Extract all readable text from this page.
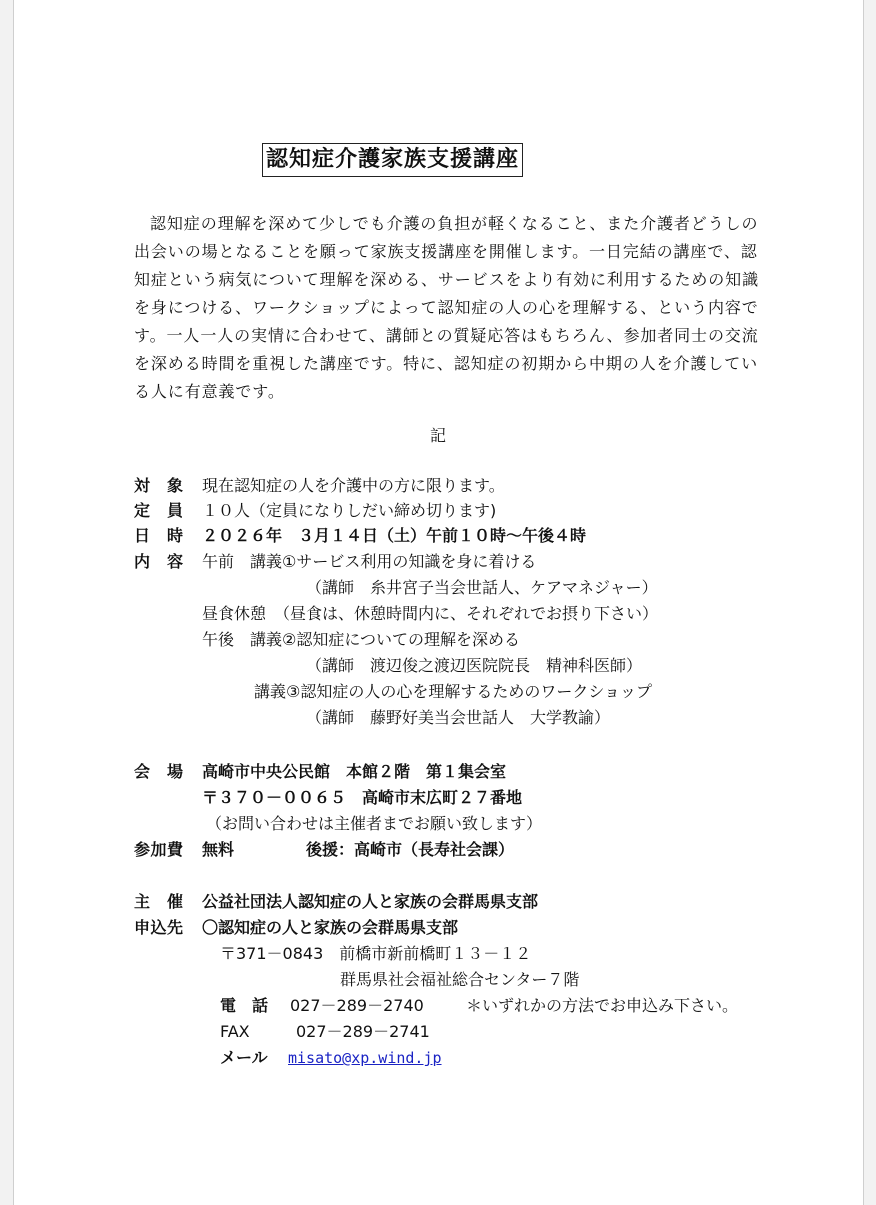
認知症介護家族支援講座

認知症の理解を深めて少しでも介護の負担が軽くなること、また介護者どうしの出会いの場となることを願って家族支援講座を開催します。一日完結の講座で、認知症という病気について理解を深める、サービスをより有効に利用するための知識を身につける、ワークショップによって認知症の人の心を理解する、という内容です。一人一人の実情に合わせて、講師との質疑応答はもちろん、参加者同士の交流を深める時間を重視した講座です。特に、認知症の初期から中期の人を介護している人に有意義です。

記
対　象 現在認知症の人を介護中の方に限ります。
定　員 １０人（定員になりしだい締め切ります)
日　時 ２０２６年　３月１４日（土）午前１０時～午後４時
内　容 午前　講義①サービス利用の知識を身に着ける
（講師　糸井宮子当会世話人、ケアマネジャー）
昼食休憩　（昼食は、休憩時間内に、それぞれでお摂り下さい）
午後　講義②認知症についての理解を深める
（講師　渡辺俊之渡辺医院院長　精神科医師）
講義③認知症の人の心を理解するためのワークショップ
（講師　藤野好美当会世話人　大学教諭）
会　場 高崎市中央公民館　本館２階　第１集会室
〒３７０－００６５　高崎市末広町２７番地
（お問い合わせは主催者までお願い致します）
参加費 無料	後援：高崎市（長寿社会課）
主　催 公益社団法人認知症の人と家族の会群馬県支部
申込先 〇認知症の人と家族の会群馬県支部
〒371－0843　前橋市新前橋町１３－１２
群馬県社会福祉総合センター７階
電　話 027－289－2740	＊いずれかの方法でお申込み下さい。
FAX	027－289－2741
メール misato@xp.wind.jp
